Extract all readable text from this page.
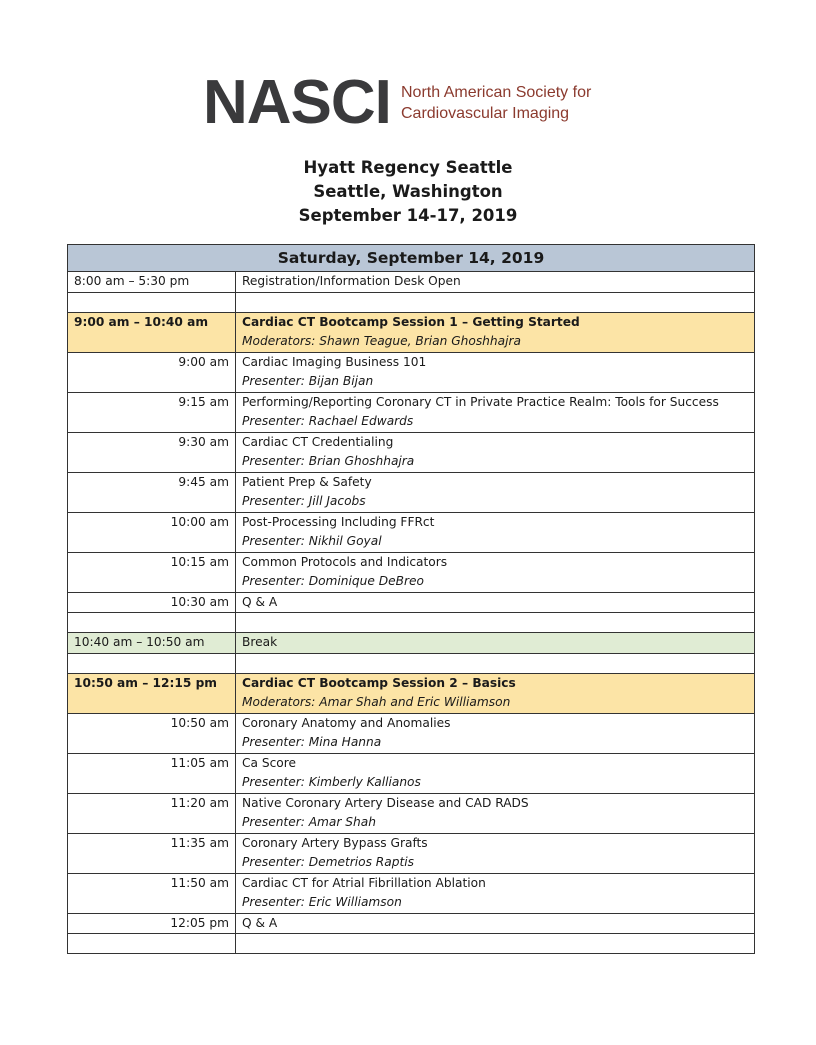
NASCI North American Society for
Cardiovascular Imaging
Hyatt Regency Seattle
Seattle, Washington
September 14-17, 2019
Saturday, September 14, 2019	
8:00 am – 5:30 pm	Registration/Information Desk Open

9:00 am – 10:40 am	Cardiac CT Bootcamp Session 1 – Getting Started
Moderators: Shawn Teague, Brian Ghoshhajra

9:00 am	Cardiac Imaging Business 101
Presenter: Bijan Bijan

9:15 am	Performing/Reporting Coronary CT in Private Practice Realm: Tools for Success
Presenter: Rachael Edwards

9:30 am	Cardiac CT Credentialing
Presenter: Brian Ghoshhajra

9:45 am	Patient Prep & Safety
Presenter: Jill Jacobs

10:00 am	Post-Processing Including FFRct
Presenter: Nikhil Goyal

10:15 am	Common Protocols and Indicators
Presenter: Dominique DeBreo

10:30 am	Q & A

10:40 am – 10:50 am	Break

10:50 am – 12:15 pm	Cardiac CT Bootcamp Session 2 – Basics
Moderators: Amar Shah and Eric Williamson

10:50 am	Coronary Anatomy and Anomalies
Presenter: Mina Hanna

11:05 am	Ca Score
Presenter: Kimberly Kallianos

11:20 am	Native Coronary Artery Disease and CAD RADS
Presenter: Amar Shah

11:35 am	Coronary Artery Bypass Grafts
Presenter: Demetrios Raptis

11:50 am	Cardiac CT for Atrial Fibrillation Ablation
Presenter: Eric Williamson

12:05 pm	Q & A
